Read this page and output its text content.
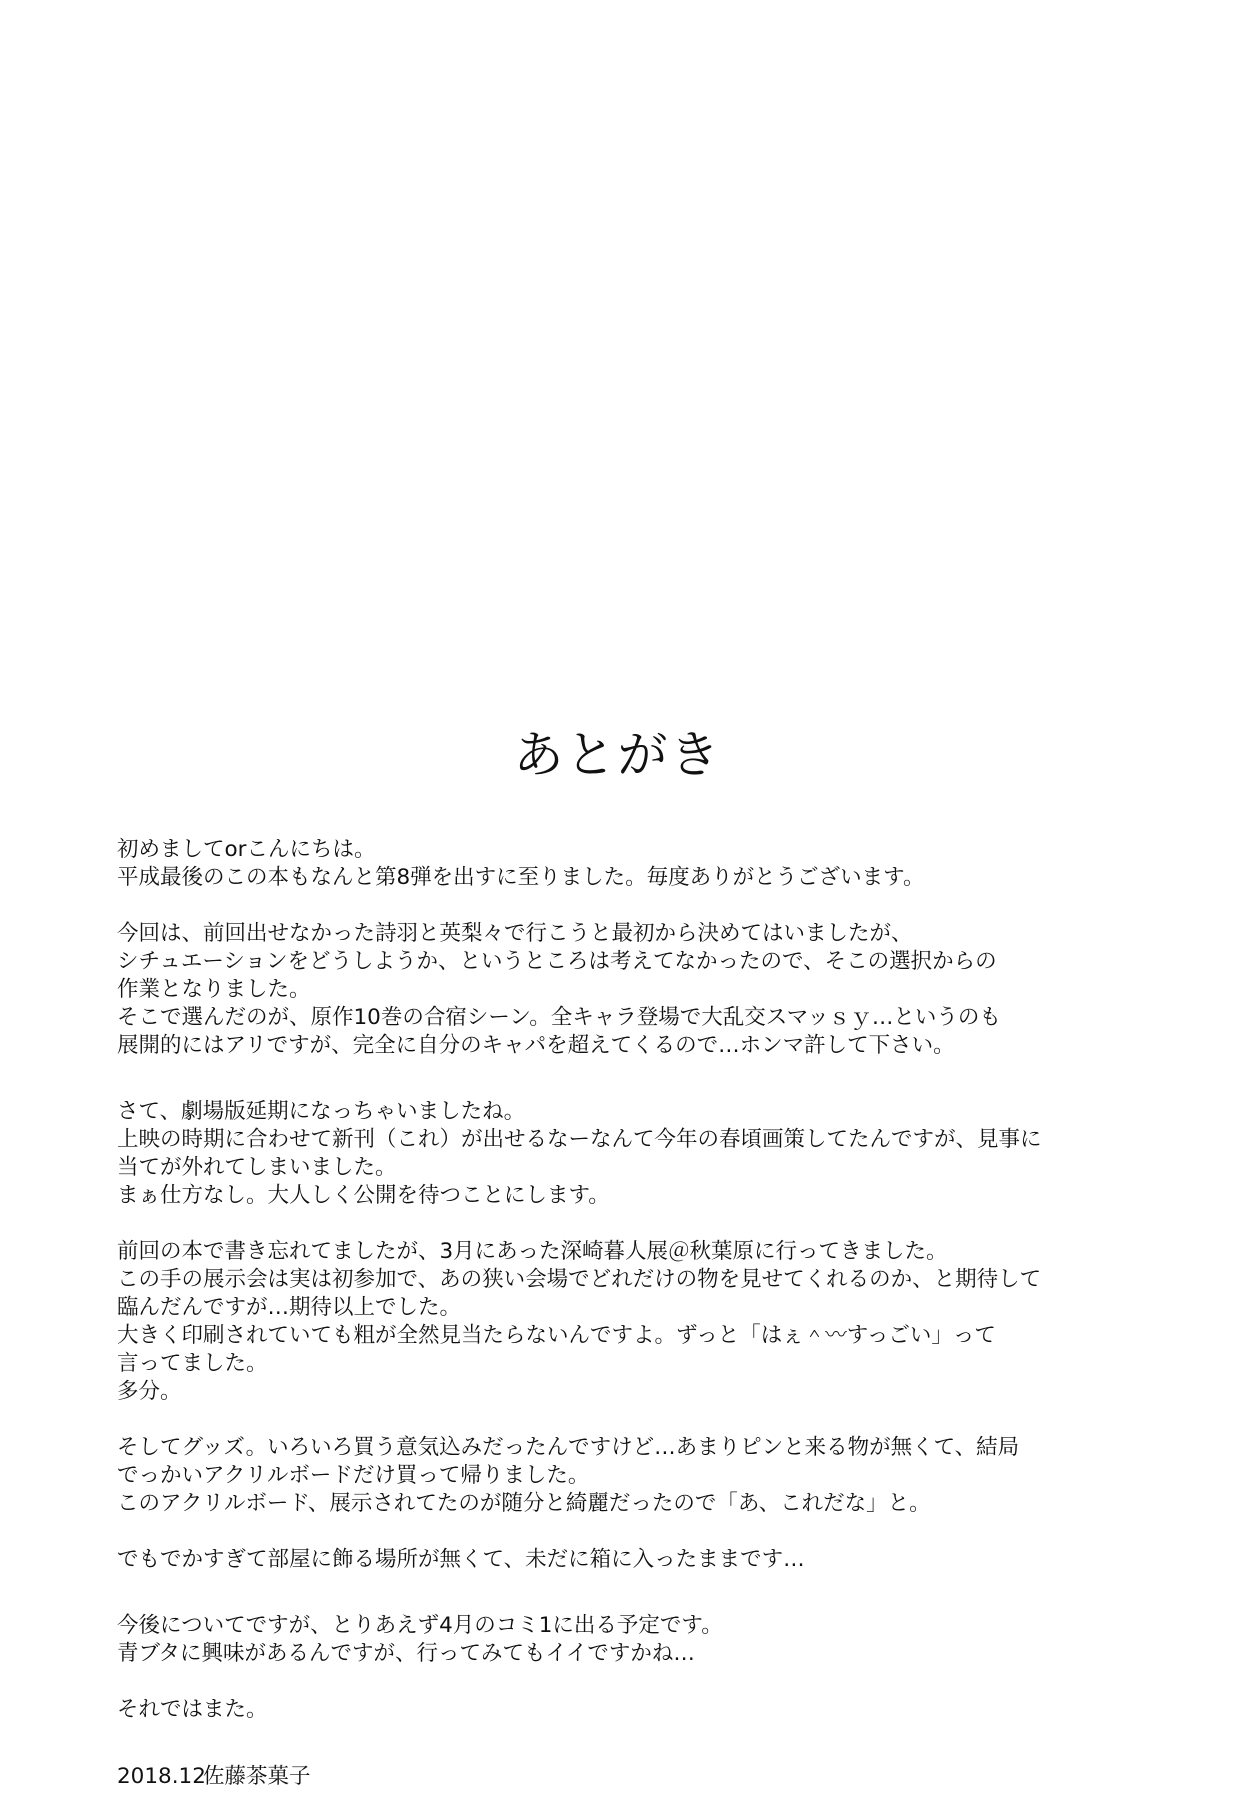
あとがき

初めましてorこんにちは。
平成最後のこの本もなんと第8弾を出すに至りました。毎度ありがとうございます。

今回は、前回出せなかった詩羽と英梨々で行こうと最初から決めてはいましたが、
シチュエーションをどうしようか、というところは考えてなかったので、そこの選択からの
作業となりました。
そこで選んだのが、原作10巻の合宿シーン。全キャラ登場で大乱交スマッｓｙ…というのも
展開的にはアリですが、完全に自分のキャパを超えてくるので…ホンマ許して下さい。

さて、劇場版延期になっちゃいましたね。
上映の時期に合わせて新刊（これ）が出せるなーなんて今年の春頃画策してたんですが、見事に
当てが外れてしまいました。
まぁ仕方なし。大人しく公開を待つことにします。

前回の本で書き忘れてましたが、3月にあった深崎暮人展＠秋葉原に行ってきました。
この手の展示会は実は初参加で、あの狭い会場でどれだけの物を見せてくれるのか、と期待して
臨んだんですが…期待以上でした。
大きく印刷されていても粗が全然見当たらないんですよ。ずっと「はぇ＾〰すっごい」って
言ってました。
多分。

そしてグッズ。いろいろ買う意気込みだったんですけど…あまりピンと来る物が無くて、結局
でっかいアクリルボードだけ買って帰りました。
このアクリルボード、展示されてたのが随分と綺麗だったので「あ、これだな」と。

でもでかすぎて部屋に飾る場所が無くて、未だに箱に入ったままです…

今後についてですが、とりあえず4月のコミ1に出る予定です。
青ブタに興味があるんですが、行ってみてもイイですかね…

それではまた。

2018.12佐藤茶菓子
